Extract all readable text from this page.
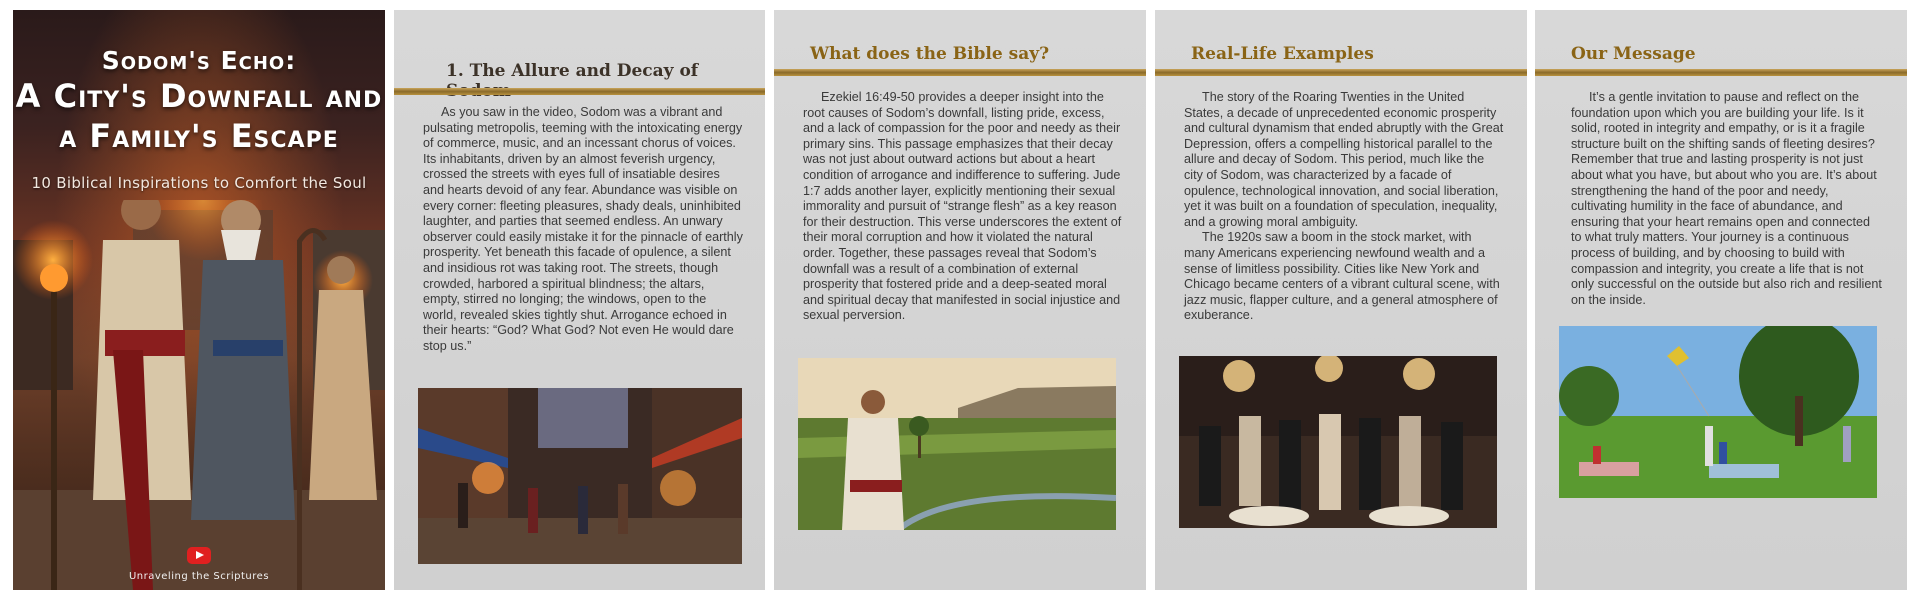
Sodom's Echo:
A City's Downfall and
a Family's Escape
10 Biblical Inspirations to Comfort the Soul
Unraveling the Scriptures
1. The Allure and Decay of

As you saw in the video, Sodom was a vibrant and pulsating metropolis, teeming with the intoxicating energy of commerce, music, and an incessant chorus of voices. Its inhabitants, driven by an almost feverish urgency, crossed the streets with eyes full of insatiable desires and hearts devoid of any fear. Abundance was visible on every corner: fleeting pleasures, shady deals, uninhibited laughter, and parties that seemed endless. An unwary observer could easily mistake it for the pinnacle of earthly prosperity. Yet beneath this facade of opulence, a silent and insidious rot was taking root. The streets, though crowded, harbored a spiritual blindness; the altars, empty, stirred no longing; the windows, open to the world, revealed skies tightly shut. Arrogance echoed in their hearts: “God? What God? Not even He would dare stop us.”

What does the Bible say?

Ezekiel 16:49-50 provides a deeper insight into the root causes of Sodom’s downfall, listing pride, excess, and a lack of compassion for the poor and needy as their primary sins. This passage emphasizes that their decay was not just about outward actions but about a heart condition of arrogance and indifference to suffering. Jude 1:7 adds another layer, explicitly mentioning their sexual immorality and pursuit of “strange flesh” as a key reason for their destruction. This verse underscores the extent of their moral corruption and how it violated the natural order. Together, these passages reveal that Sodom’s downfall was a result of a combination of external prosperity that fostered pride and a deep-seated moral and spiritual decay that manifested in social injustice and sexual perversion.

Real-Life Examples

The story of the Roaring Twenties in the United States, a decade of unprecedented economic prosperity and cultural dynamism that ended abruptly with the Great Depression, offers a compelling historical parallel to the allure and decay of Sodom. This period, much like the city of Sodom, was characterized by a facade of opulence, technological innovation, and social liberation, yet it was built on a foundation of speculation, inequality, and a growing moral ambiguity.

The 1920s saw a boom in the stock market, with many Americans experiencing newfound wealth and a sense of limitless possibility. Cities like New York and Chicago became centers of a vibrant cultural scene, with jazz music, flapper culture, and a general atmosphere of exuberance.

Our Message

It’s a gentle invitation to pause and reflect on the foundation upon which you are building your life. Is it solid, rooted in integrity and empathy, or is it a fragile structure built on the shifting sands of fleeting desires? Remember that true and lasting prosperity is not just about what you have, but about who you are. It’s about strengthening the hand of the poor and needy, cultivating humility in the face of abundance, and ensuring that your heart remains open and connected to what truly matters. Your journey is a continuous process of building, and by choosing to build with compassion and integrity, you create a life that is not only successful on the outside but also rich and resilient on the inside.
